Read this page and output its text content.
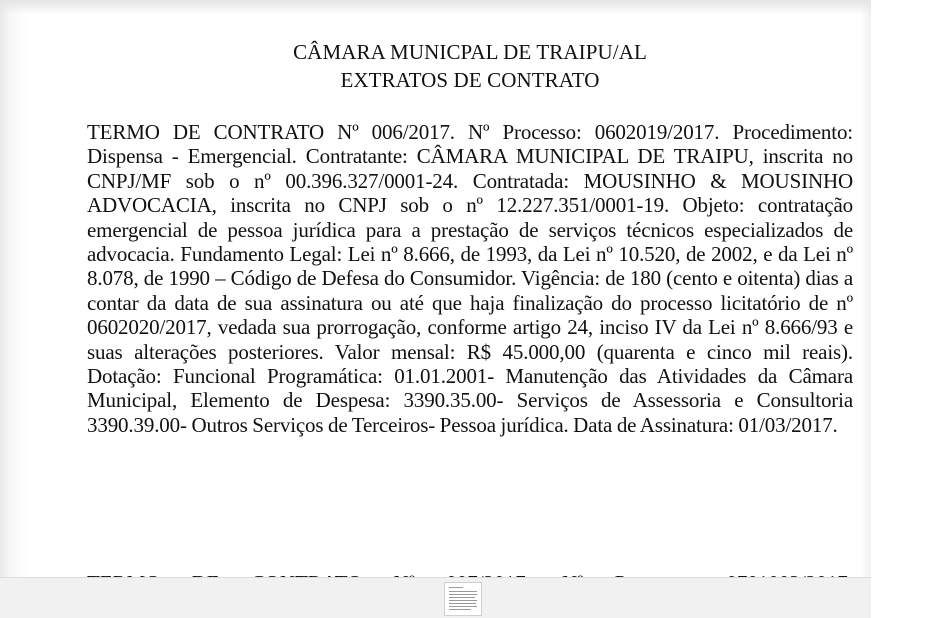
CÂMARA MUNICPAL DE TRAIPU/AL
EXTRATOS DE CONTRATO

TERMO DE CONTRATO Nº 006/2017. Nº Processo: 0602019/2017. Procedimento: Dispensa - Emergencial. Contratante: CÂMARA MUNICIPAL DE TRAIPU, inscrita no CNPJ/MF sob o nº 00.396.327/0001-24. Contratada: MOUSINHO & MOUSINHO ADVOCACIA, inscrita no CNPJ sob o nº 12.227.351/0001-19. Objeto: contratação emergencial de pessoa jurídica para a prestação de serviços técnicos especializados de advocacia. Fundamento Legal: Lei nº 8.666, de 1993, da Lei nº 10.520, de 2002, e da Lei nº 8.078, de 1990 – Código de Defesa do Consumidor. Vigência: de 180 (cento e oitenta) dias a contar da data de sua assinatura ou até que haja finalização do processo licitatório de nº 0602020/2017, vedada sua prorrogação, conforme artigo 24, inciso IV da Lei nº 8.666/93 e suas alterações posteriores. Valor mensal: R$ 45.000,00 (quarenta e cinco mil reais). Dotação: Funcional Programática: 01.01.2001- Manutenção das Atividades da Câmara Municipal, Elemento de Despesa: 3390.35.00- Serviços de Assessoria e Consultoria 3390.39.00- Outros Serviços de Terceiros- Pessoa jurídica. Data de Assinatura: 01/03/2017.
